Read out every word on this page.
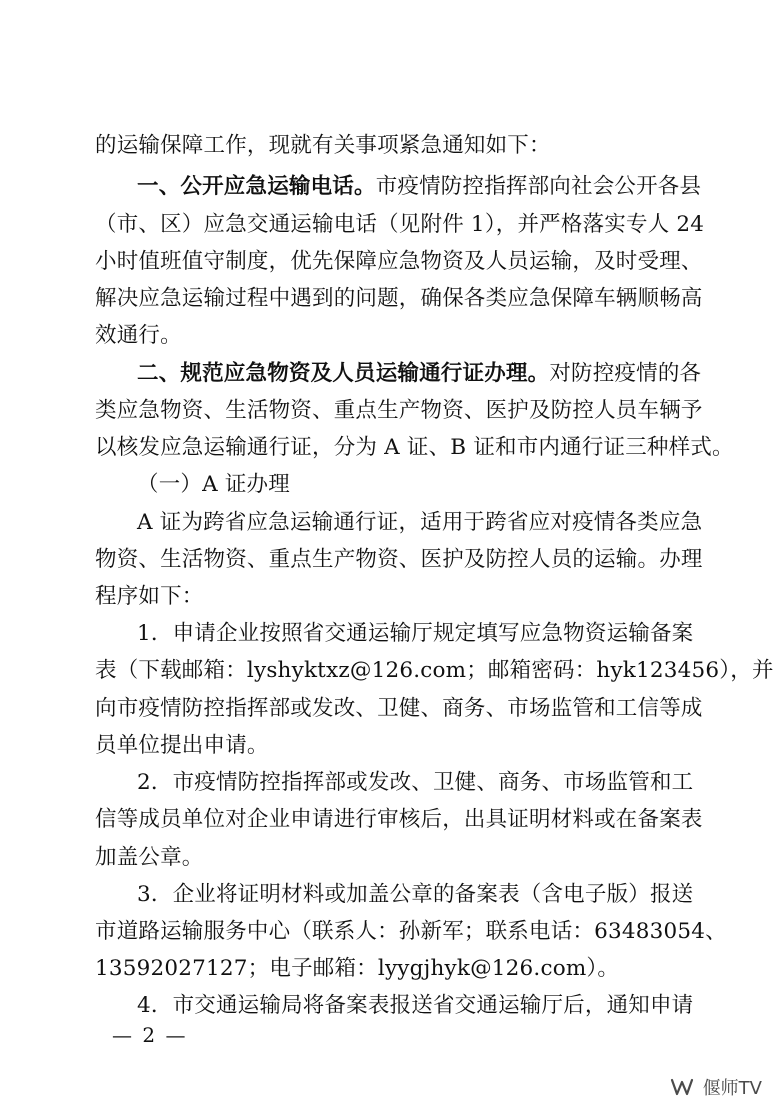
的运输保障工作，现就有关事项紧急通知如下：
一、公开应急运输电话。市疫情防控指挥部向社会公开各县
（市、区）应急交通运输电话（见附件 1），并严格落实专人 24
小时值班值守制度，优先保障应急物资及人员运输，及时受理、
解决应急运输过程中遇到的问题，确保各类应急保障车辆顺畅高
效通行。
二、规范应急物资及人员运输通行证办理。对防控疫情的各
类应急物资、生活物资、重点生产物资、医护及防控人员车辆予
以核发应急运输通行证，分为 A 证、B 证和市内通行证三种样式。
（一）A 证办理
A 证为跨省应急运输通行证，适用于跨省应对疫情各类应急
物资、生活物资、重点生产物资、医护及防控人员的运输。办理
程序如下：
1．申请企业按照省交通运输厅规定填写应急物资运输备案
表（下载邮箱：lyshyktxz@126.com；邮箱密码：hyk123456），并
向市疫情防控指挥部或发改、卫健、商务、市场监管和工信等成
员单位提出申请。
2．市疫情防控指挥部或发改、卫健、商务、市场监管和工
信等成员单位对企业申请进行审核后，出具证明材料或在备案表
加盖公章。
3．企业将证明材料或加盖公章的备案表（含电子版）报送
市道路运输服务中心（联系人：孙新军；联系电话：63483054、
13592027127；电子邮箱：lyygjhyk@126.com）。
4．市交通运输局将备案表报送省交通运输厅后，通知申请
— 2 —
偃师TV
